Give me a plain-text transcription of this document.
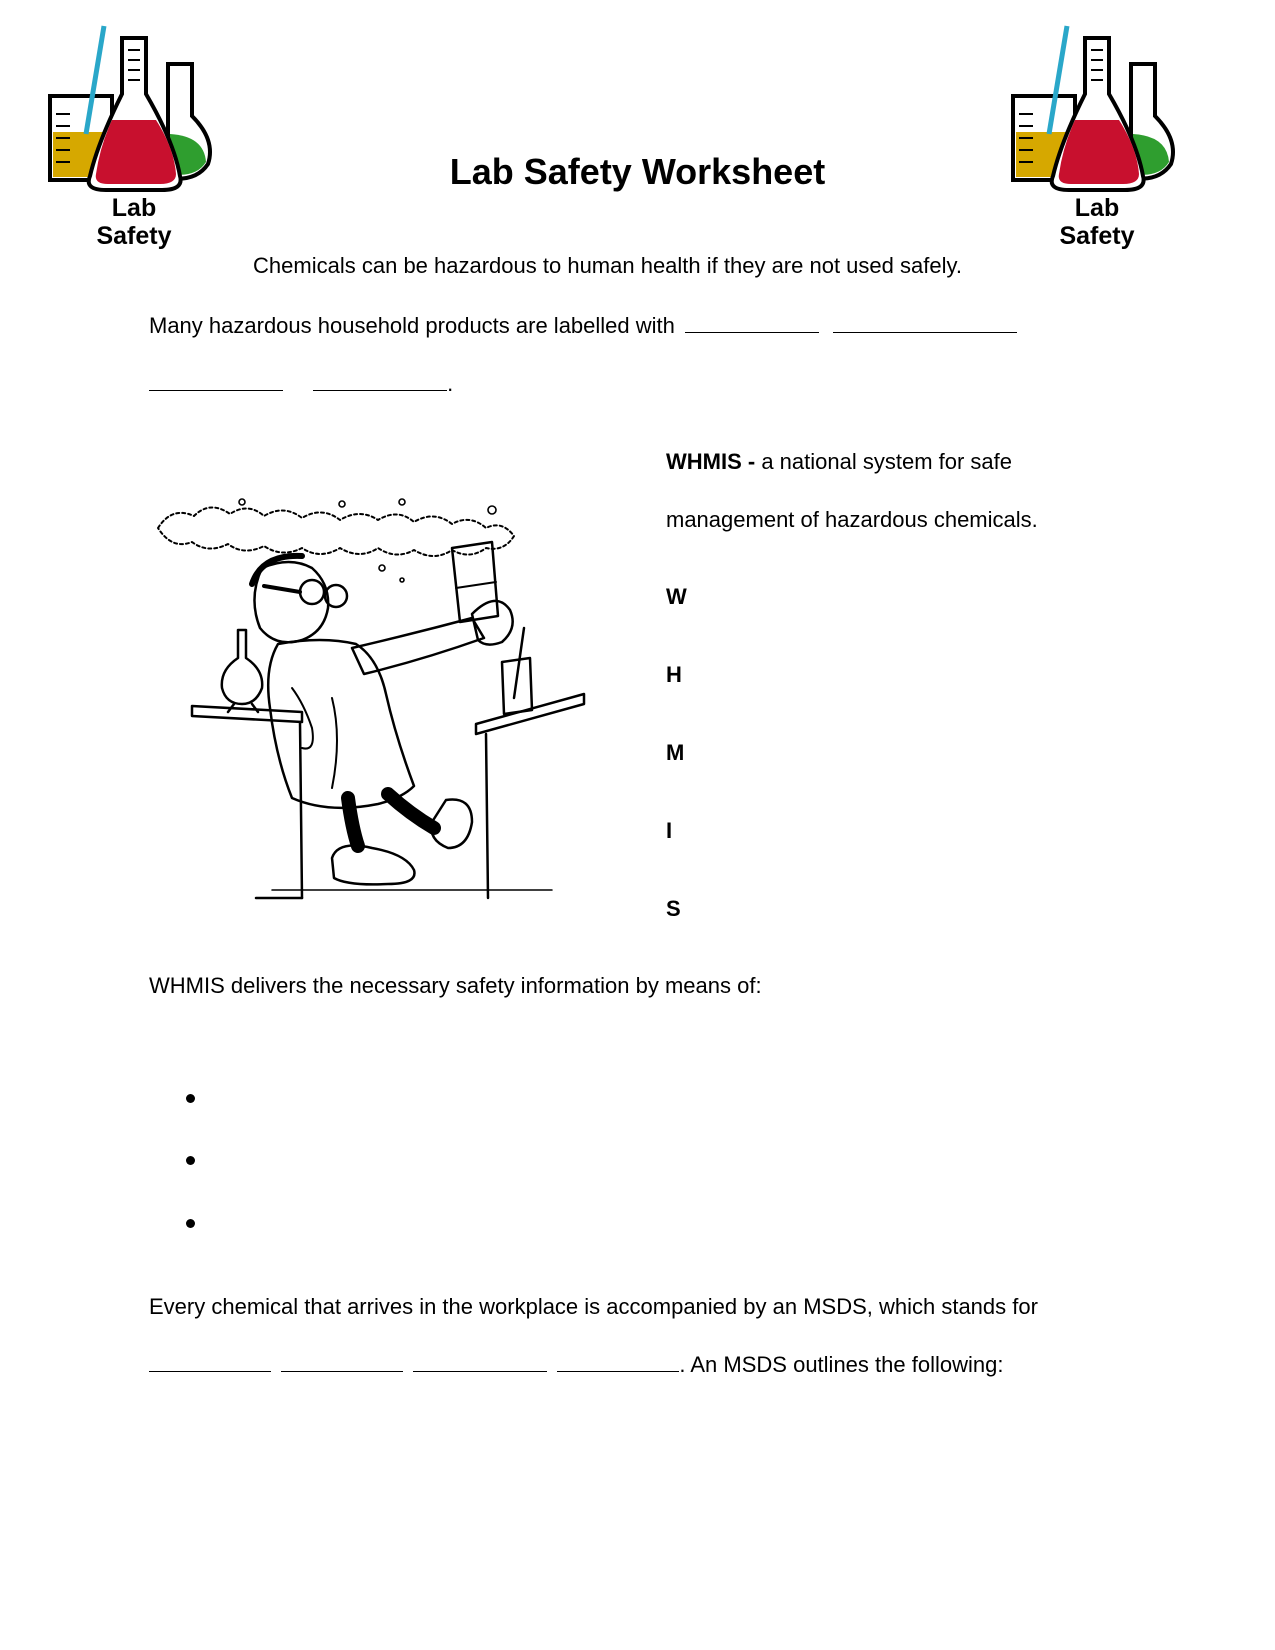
Lab
Safety
Lab
Safety
Lab Safety Worksheet
Chemicals can be hazardous to human health if they are not used safely.
Many hazardous household products are labelled with
.
WHMIS - a national system for safe
management of hazardous chemicals.
W
H
M
I
S
WHMIS delivers the necessary safety information by means of:
Every chemical that arrives in the workplace is accompanied by an MSDS, which stands for
. An MSDS outlines the following:
